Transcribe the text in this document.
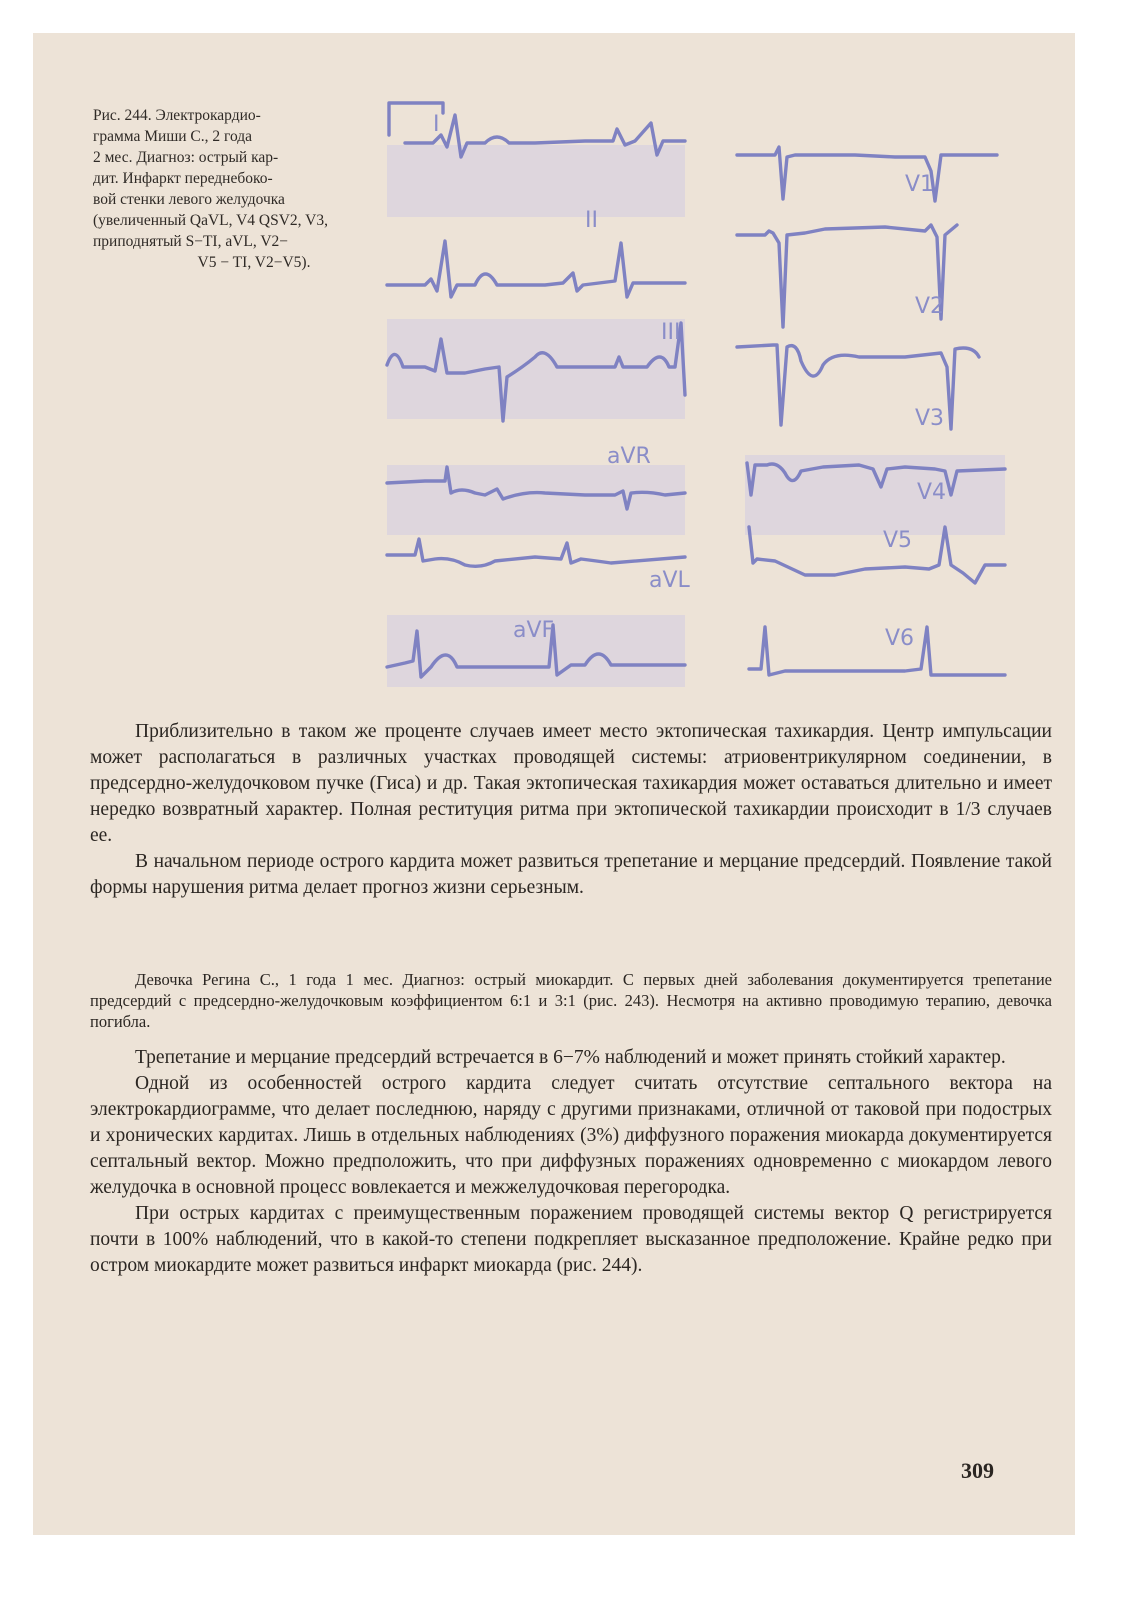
Рис. 244. Электрокардио-
грамма Миши С., 2 года
2 мес. Диагноз: острый кар-
дит. Инфаркт переднебоко-
вой стенки левого желудочка
(увеличенный QaVL, V4 QSV2, V3,
приподнятый S−TI, aVL, V2−
V5 − TI, V2−V5).
I
II
III
aVR
aVL
aVF
V1
V2
V3
V4
V5
V6

Приблизительно в таком же проценте случаев имеет место эктопическая тахикардия. Центр импульсации может располагаться в различных участках проводящей системы: атриовентрикулярном соединении, в предсердно-желудочковом пучке (Гиса) и др. Такая эктопическая тахикардия может оставаться длительно и имеет нередко возвратный характер. Полная реституция ритма при эктопической тахикардии происходит в 1/3 случаев ее.

В начальном периоде острого кардита может развиться трепетание и мерцание предсердий. Появление такой формы нарушения ритма делает прогноз жизни серьезным.

Девочка Регина С., 1 года 1 мес. Диагноз: острый миокардит. С первых дней заболевания документируется трепетание предсердий с предсердно-желудочковым коэффициентом 6:1 и 3:1 (рис. 243). Несмотря на активно проводимую терапию, девочка погибла.

Трепетание и мерцание предсердий встречается в 6−7% наблюдений и может принять стойкий характер.

Одной из особенностей острого кардита следует считать отсутствие септального вектора на электрокардиограмме, что делает последнюю, наряду с другими признаками, отличной от таковой при подострых и хронических кардитах. Лишь в отдельных наблюдениях (3%) диффузного поражения миокарда документируется септальный вектор. Можно предположить, что при диффузных поражениях одновременно с миокардом левого желудочка в основной процесс вовлекается и межжелудочковая перегородка.

При острых кардитах с преимущественным поражением проводящей системы вектор Q регистрируется почти в 100% наблюдений, что в какой-то степени подкрепляет высказанное предположение. Крайне редко при остром миокардите может развиться инфаркт миокарда (рис. 244).

309
